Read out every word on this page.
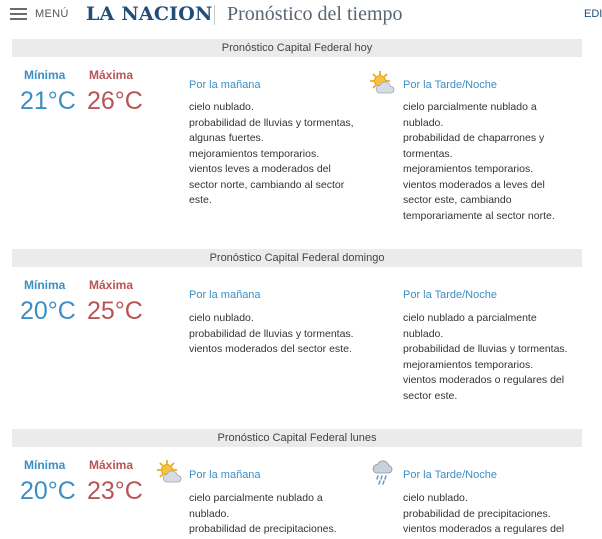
MENÚ LA NACION Pronóstico del tiempo	EDI
Pronóstico Capital Federal hoy
Mínima Máxima
21°C 26°C
Por la mañana
cielo nublado.
probabilidad de lluvias y tormentas,
algunas fuertes.
mejoramientos temporarios.
vientos leves a moderados del
sector norte, cambiando al sector
este.
Por la Tarde/Noche
cielo parcialmente nublado a
nublado.
probabilidad de chaparrones y
tormentas.
mejoramientos temporarios.
vientos moderados a leves del
sector este, cambiando
temporariamente al sector norte.
Pronóstico Capital Federal domingo
Mínima Máxima
20°C 25°C
Por la mañana
cielo nublado.
probabilidad de lluvias y tormentas.
vientos moderados del sector este.
Por la Tarde/Noche
cielo nublado a parcialmente
nublado.
probabilidad de lluvias y tormentas.
mejoramientos temporarios.
vientos moderados o regulares del
sector este.
Pronóstico Capital Federal lunes
Mínima Máxima
20°C 23°C
Por la mañana
cielo parcialmente nublado a
nublado.
probabilidad de precipitaciones.
Por la Tarde/Noche
cielo nublado.
probabilidad de precipitaciones.
vientos moderados a regulares del
